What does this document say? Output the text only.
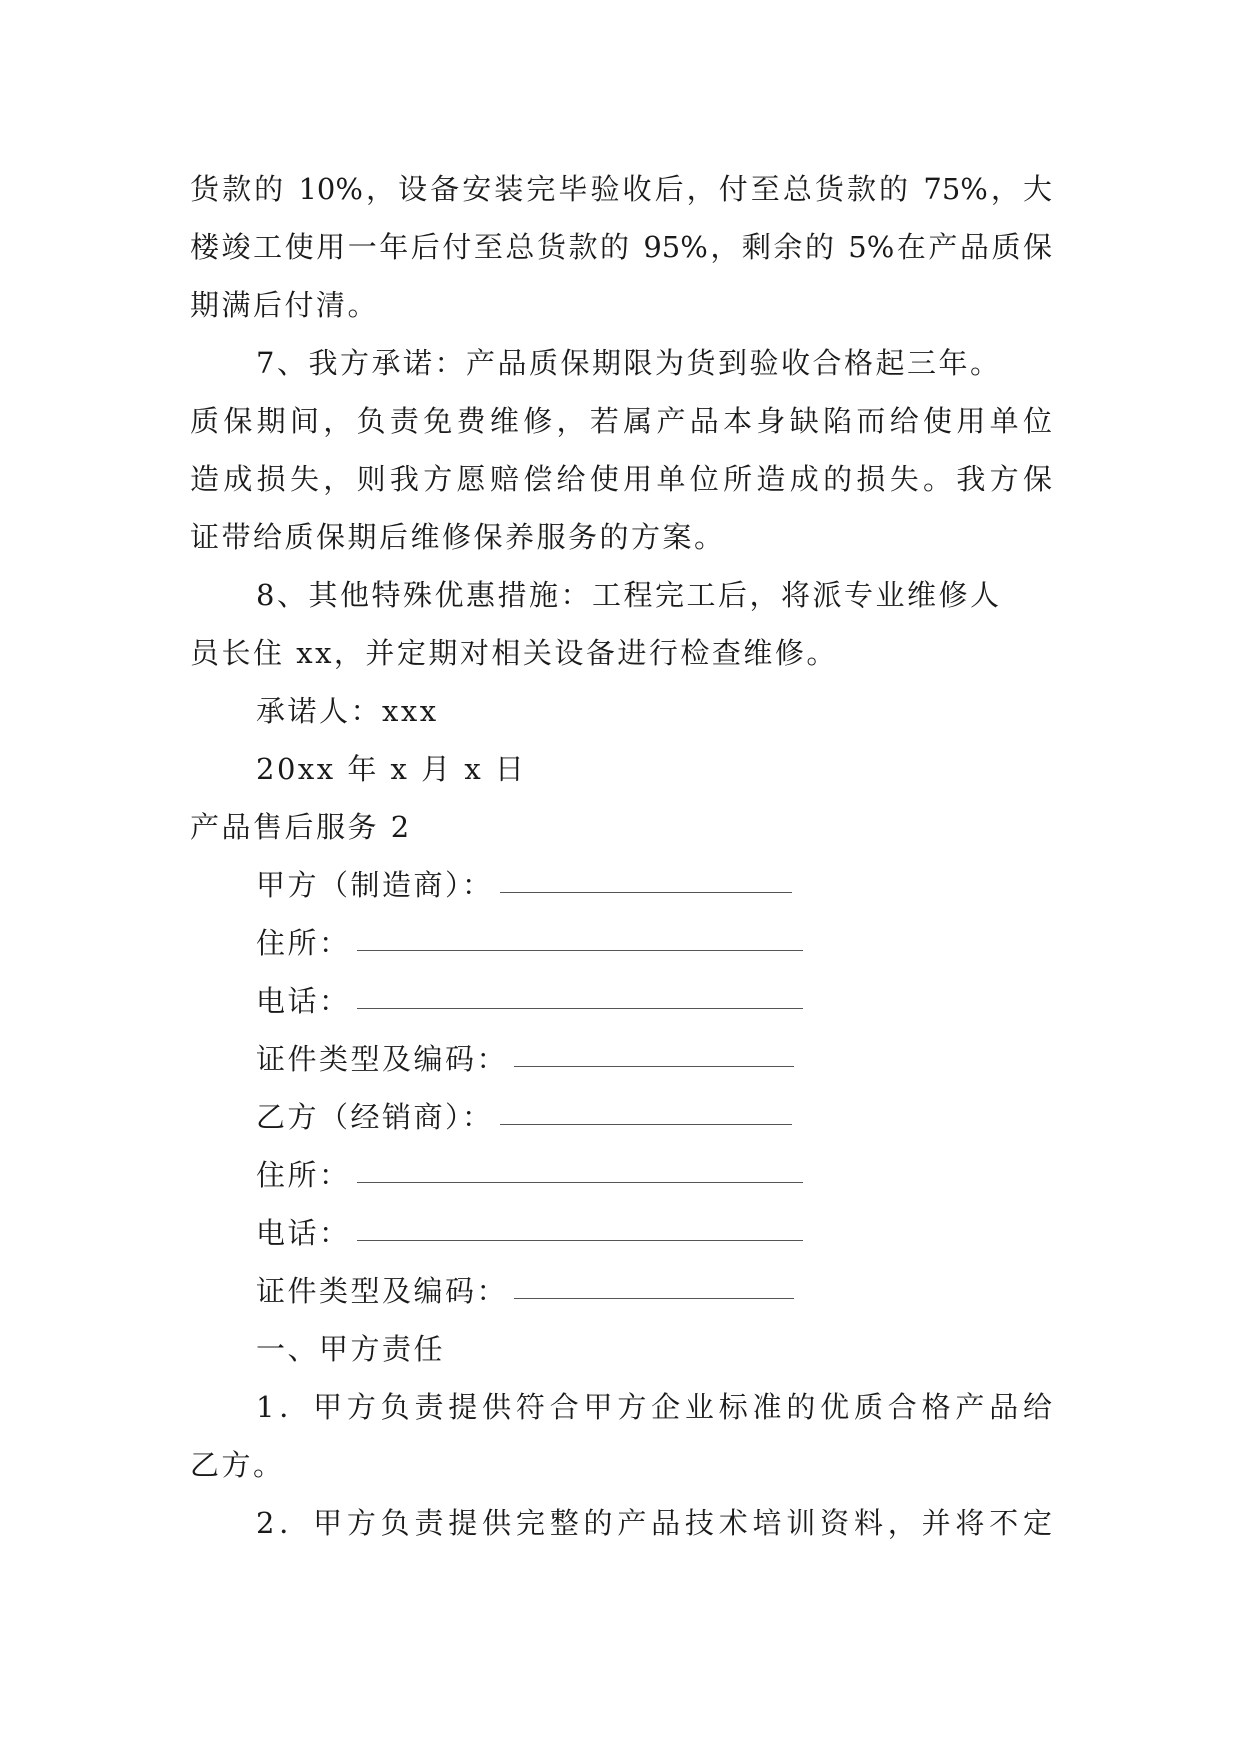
货款的 10%，设备安装完毕验收后，付至总货款的 75%，大
楼竣工使用一年后付至总货款的 95%，剩余的 5%在产品质保
期满后付清。
7、我方承诺：产品质保期限为货到验收合格起三年。
质保期间，负责免费维修，若属产品本身缺陷而给使用单位
造成损失，则我方愿赔偿给使用单位所造成的损失。我方保
证带给质保期后维修保养服务的方案。
8、其他特殊优惠措施：工程完工后，将派专业维修人
员长住 xx，并定期对相关设备进行检查维修。
承诺人：xxx
20xx 年 x 月 x 日
产品售后服务 2
甲方（制造商）：
住所：
电话：
证件类型及编码：
乙方（经销商）：
住所：
电话：
证件类型及编码：
一、甲方责任
1．甲方负责提供符合甲方企业标准的优质合格产品给
乙方。
2．甲方负责提供完整的产品技术培训资料，并将不定
